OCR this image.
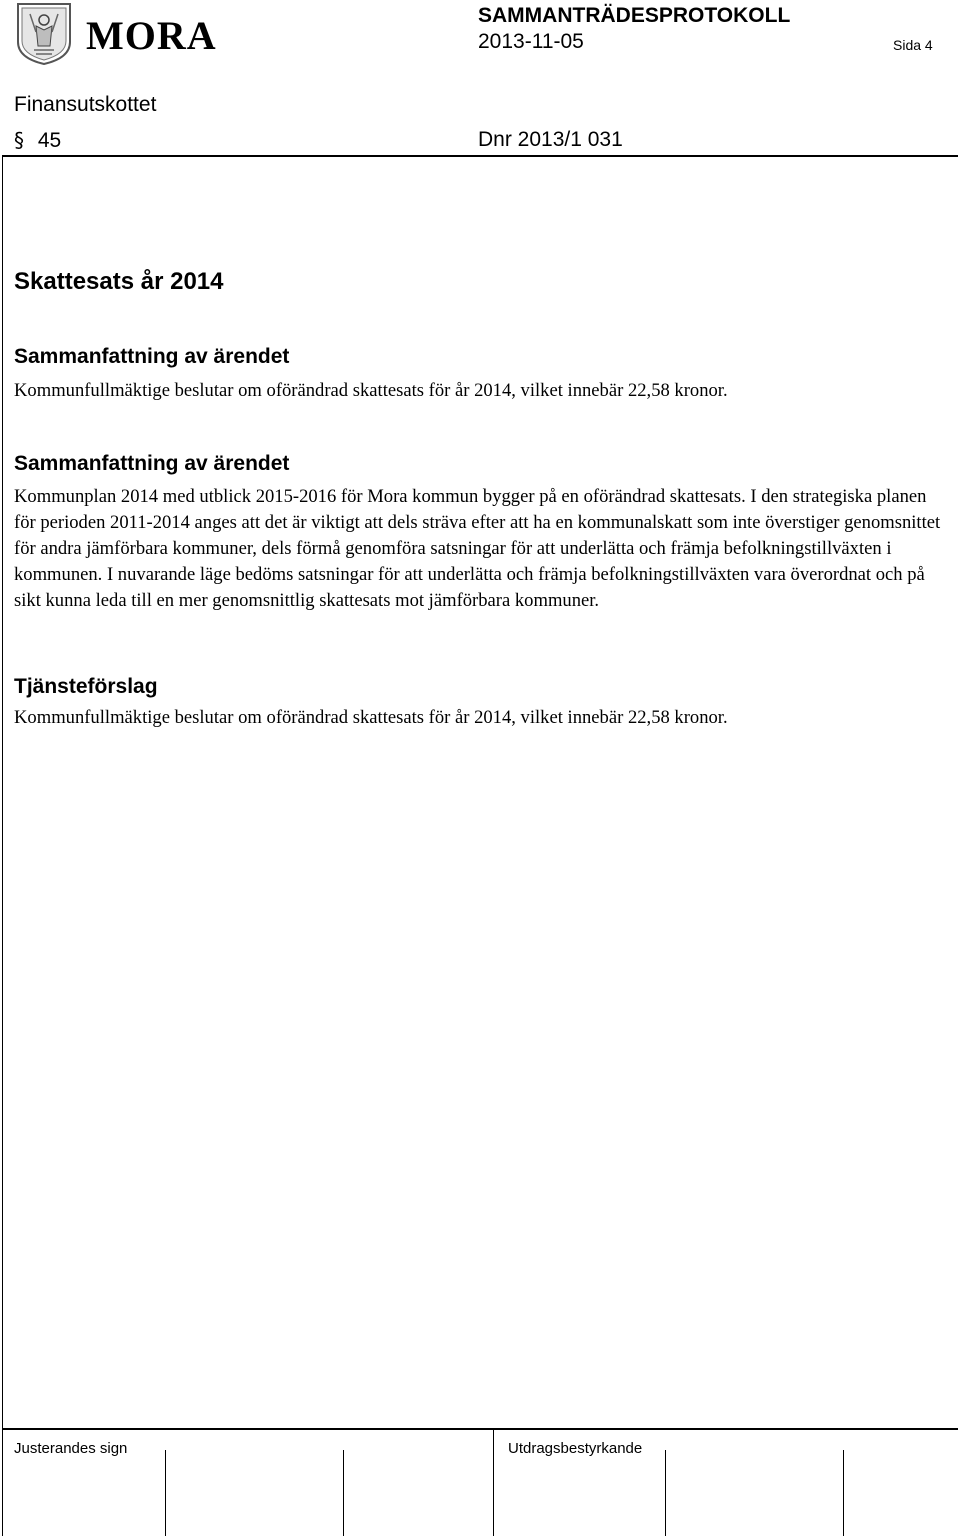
MORA	SAMMANTRÄDESPROTOKOLL
2013-11-05	Sida 4
Finansutskottet
§ 45	Dnr 2013/1 031
Skattesats år 2014
Sammanfattning av ärendet
Kommunfullmäktige beslutar om oförändrad skattesats för år 2014, vilket innebär 22,58 kronor.
Sammanfattning av ärendet
Kommunplan 2014 med utblick 2015-2016 för Mora kommun bygger på en oförändrad skattesats. I den strategiska planen för perioden 2011-2014 anges att det är viktigt att dels sträva efter att ha en kommunalskatt som inte överstiger genomsnittet för andra jämförbara kommuner, dels förmå genomföra satsningar för att underlätta och främja befolkningstillväxten i kommunen. I nuvarande läge bedöms satsningar för att underlätta och främja befolkningstillväxten vara överordnat och på sikt kunna leda till en mer genomsnittlig skattesats mot jämförbara kommuner.
Tjänsteförslag
Kommunfullmäktige beslutar om oförändrad skattesats för år 2014, vilket innebär 22,58 kronor.
Justerandes sign	Utdragsbestyrkande
